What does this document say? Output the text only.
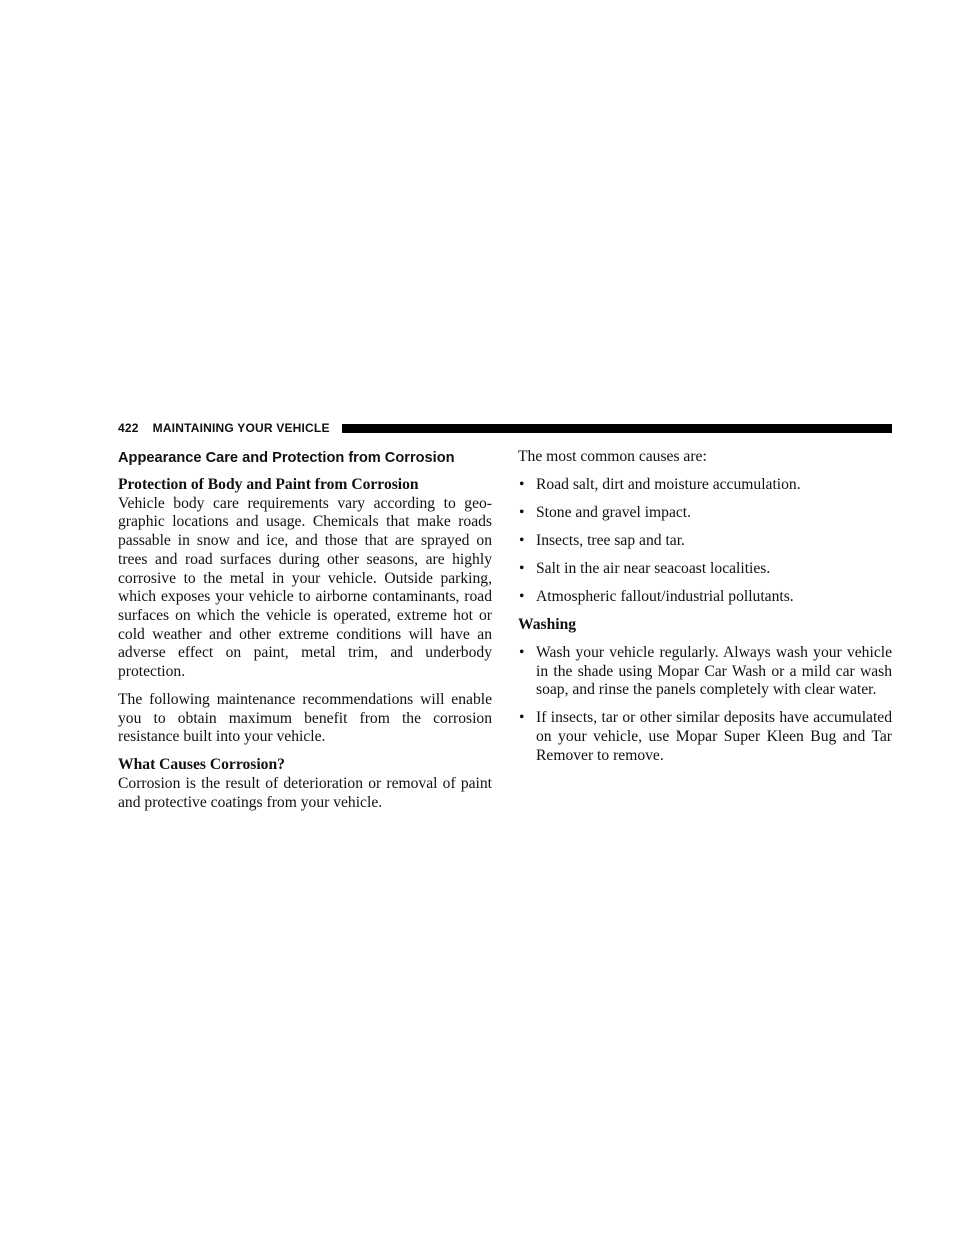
422 MAINTAINING YOUR VEHICLE
Appearance Care and Protection from Corrosion
Protection of Body and Paint from Corrosion

Vehicle body care requirements vary according to geographic locations and usage. Chemicals that make roads passable in snow and ice, and those that are sprayed on trees and road surfaces during other seasons, are highly corrosive to the metal in your vehicle. Outside parking, which exposes your vehicle to airborne contaminants, road surfaces on which the vehicle is operated, extreme hot or cold weather and other extreme conditions will have an adverse effect on paint, metal trim, and underbody protection.

The following maintenance recommendations will enable you to obtain maximum benefit from the corrosion resistance built into your vehicle.

What Causes Corrosion?

Corrosion is the result of deterioration or removal of paint and protective coatings from your vehicle.

The most common causes are:

• Road salt, dirt and moisture accumulation.
• Stone and gravel impact.
• Insects, tree sap and tar.
• Salt in the air near seacoast localities.
• Atmospheric fallout/industrial pollutants.
Washing
• Wash your vehicle regularly. Always wash your vehicle in the shade using Mopar Car Wash or a mild car wash soap, and rinse the panels completely with clear water.
• If insects, tar or other similar deposits have accumulated on your vehicle, use Mopar Super Kleen Bug and Tar Remover to remove.
